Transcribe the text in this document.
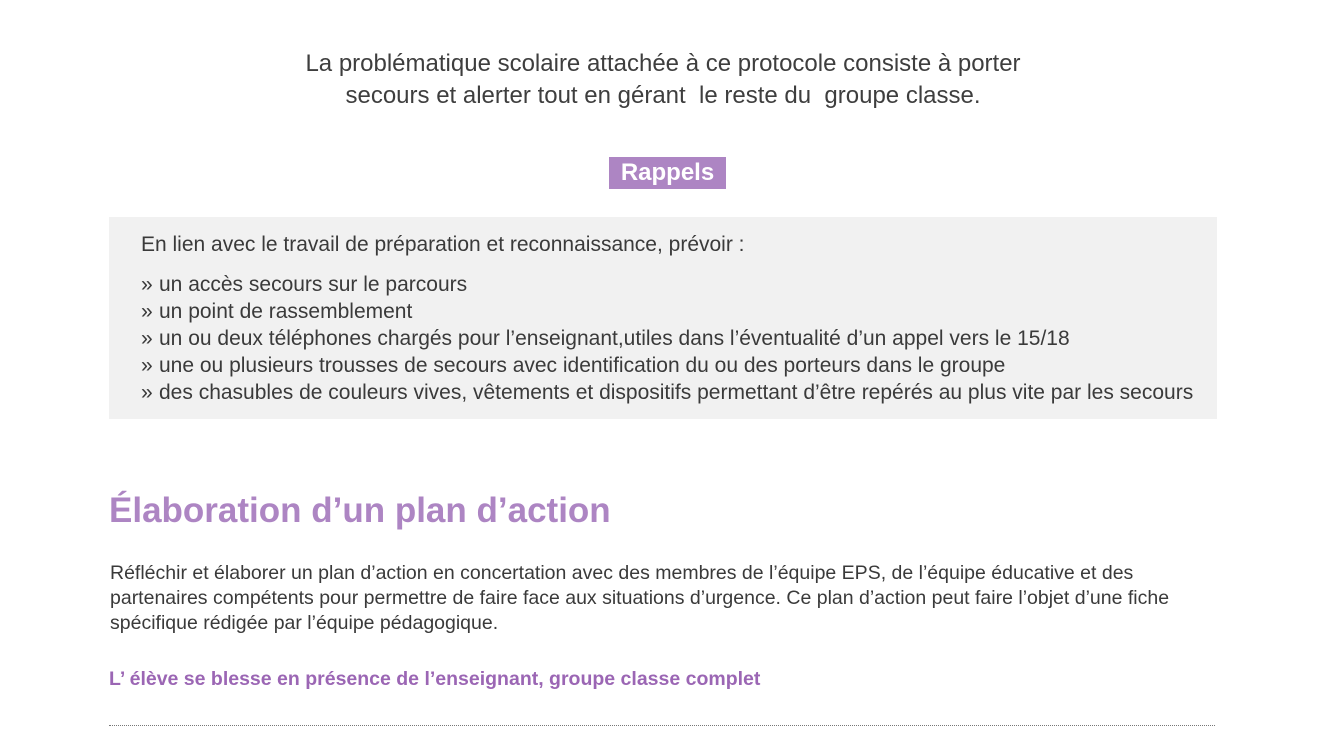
La problématique scolaire attachée à ce protocole consiste à porter
secours et alerter tout en gérant  le reste du  groupe classe.
Rappels
En lien avec le travail de préparation et reconnaissance, prévoir :
» un accès secours sur le parcours
» un point de rassemblement
» un ou deux téléphones chargés pour l’enseignant,utiles dans l’éventualité d’un appel vers le 15/18
» une ou plusieurs trousses de secours avec identification du ou des porteurs dans le groupe
» des chasubles de couleurs vives, vêtements et dispositifs permettant d’être repérés au plus vite par les secours
Élaboration d’un plan d’action
Réfléchir et élaborer un plan d’action en concertation avec des membres de l’équipe EPS, de l’équipe éducative et des partenaires compétents pour permettre de faire face aux situations d’urgence. Ce plan d’action peut faire l’objet d’une fiche spécifique rédigée par l’équipe pédagogique.
L’ élève se blesse en présence de l’enseignant, groupe classe complet
